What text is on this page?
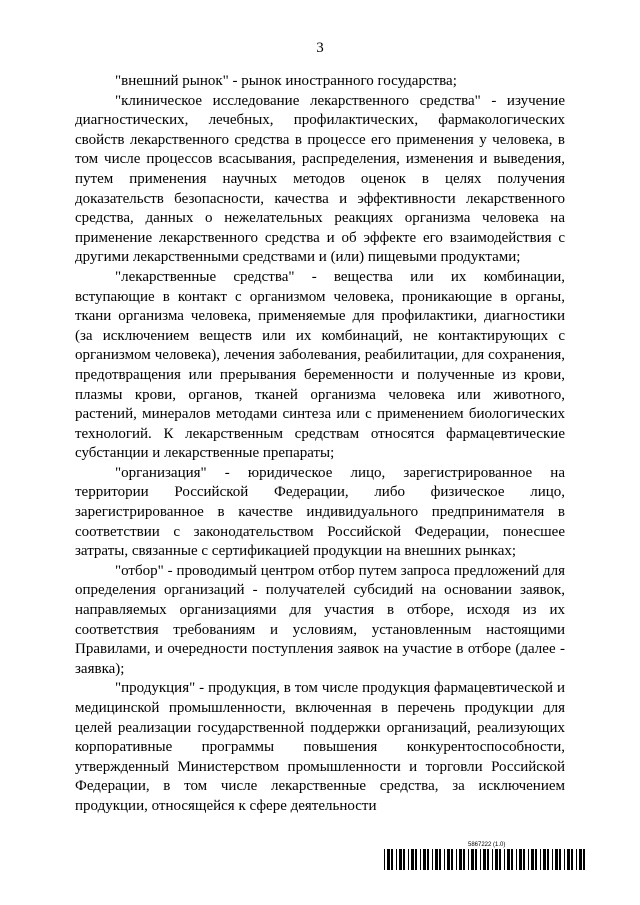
3

"внешний рынок" - рынок иностранного государства;

"клиническое исследование лекарственного средства" - изучение диагностических, лечебных, профилактических, фармакологических свойств лекарственного средства в процессе его применения у человека, в том числе процессов всасывания, распределения, изменения и выведения, путем применения научных методов оценок в целях получения доказательств безопасности, качества и эффективности лекарственного средства, данных о нежелательных реакциях организма человека на применение лекарственного средства и об эффекте его взаимодействия с другими лекарственными средствами и (или) пищевыми продуктами;

"лекарственные средства" - вещества или их комбинации, вступающие в контакт с организмом человека, проникающие в органы, ткани организма человека, применяемые для профилактики, диагностики (за исключением веществ или их комбинаций, не контактирующих с организмом человека), лечения заболевания, реабилитации, для сохранения, предотвращения или прерывания беременности и полученные из крови, плазмы крови, органов, тканей организма человека или животного, растений, минералов методами синтеза или с применением биологических технологий. К лекарственным средствам относятся фармацевтические субстанции и лекарственные препараты;

"организация" - юридическое лицо, зарегистрированное на территории Российской Федерации, либо физическое лицо, зарегистрированное в качестве индивидуального предпринимателя в соответствии с законодательством Российской Федерации, понесшее затраты, связанные с сертификацией продукции на внешних рынках;

"отбор" - проводимый центром отбор путем запроса предложений для определения организаций - получателей субсидий на основании заявок, направляемых организациями для участия в отборе, исходя из их соответствия требованиям и условиям, установленным настоящими Правилами, и очередности поступления заявок на участие в отборе (далее - заявка);

"продукция" - продукция, в том числе продукция фармацевтической и медицинской промышленности, включенная в перечень продукции для целей реализации государственной поддержки организаций, реализующих корпоративные программы повышения конкурентоспособности, утвержденный Министерством промышленности и торговли Российской Федерации, в том числе лекарственные средства, за исключением продукции, относящейся к сфере деятельности

5867222 (1.0)
